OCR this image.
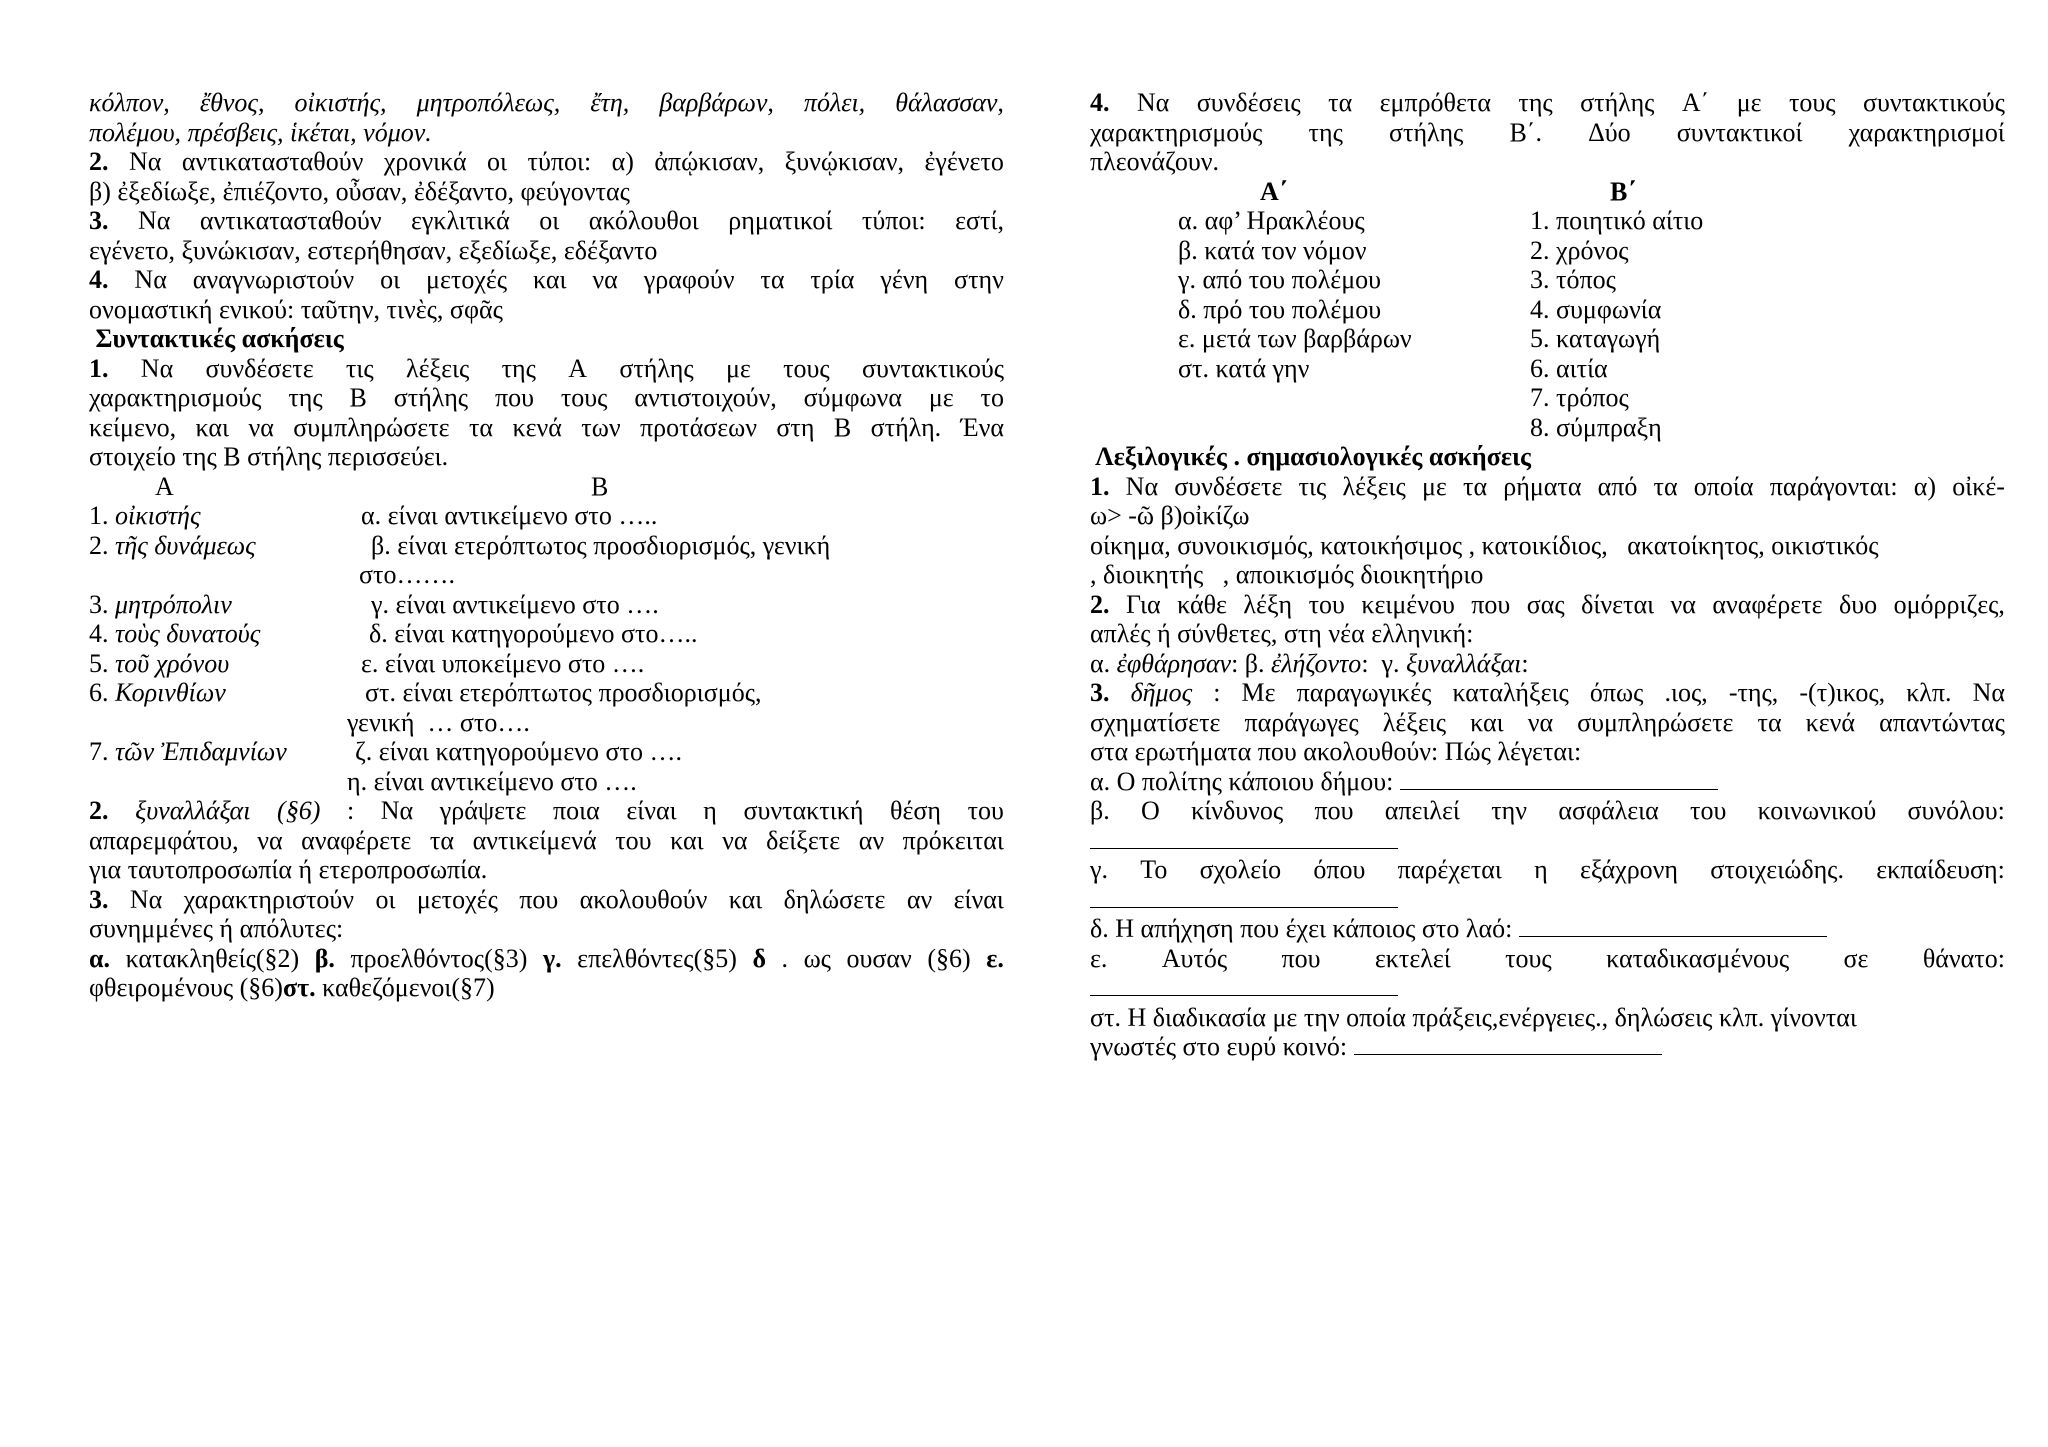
κόλπον, ἔθνος, οἰκιστής, μητροπόλεως, ἔτη, βαρβάρων, πόλει, θάλασσαν,
πολέμου, πρέσβεις, ἱκέται, νόμον.
2. Να αντικατασταθούν χρονικά οι τύποι: α) ἀπῴκισαν, ξυνῴκισαν, ἐγένετο
β) ἐξεδίωξε, ἐπιέζοντο, οὖσαν, ἐδέξαντο, φεύγοντας
3. Να αντικατασταθούν εγκλιτικά οι ακόλουθοι ρηματικοί τύποι: εστί,
εγένετο, ξυνώκισαν, εστερήθησαν, εξεδίωξε, εδέξαντο
4. Να αναγνωριστούν οι μετοχές και να γραφούν τα τρία γένη στην
ονομαστική ενικού: ταῦτην, τινὲς, σφᾶς
Συντακτικές ασκήσεις
1. Να συνδέσετε τις λέξεις της Α στήλης με τους συντακτικούς
χαρακτηρισμούς της Β στήλης που τους αντιστοιχούν, σύμφωνα με το
κείμενο, και να συμπληρώσετε τα κενά των προτάσεων στη Β στήλη. Ένα
στοιχείο της Β στήλης περισσεύει.
Α	Β
1. οἰκιστής	α. είναι αντικείμενο στο …..
2. τῆς δυνάμεως	β. είναι ετερόπτωτος προσδιορισμός, γενική
στο…….
3. μητρόπολιν	γ. είναι αντικείμενο στο ….
4. τοὺς δυνατούς	δ. είναι κατηγορούμενο στο…..
5. τοῦ χρόνου	ε. είναι υποκείμενο στο ….
6. Κορινθίων	στ. είναι ετερόπτωτος προσδιορισμός,
γενική  … στο….
7. τῶν Ἐπιδαμνίων	ζ. είναι κατηγορούμενο στο ….
η. είναι αντικείμενο στο ….
2. ξυναλλάξαι (§6) : Να γράψετε ποια είναι η συντακτική θέση του
απαρεμφάτου, να αναφέρετε τα αντικείμενά του και να δείξετε αν πρόκειται
για ταυτοπροσωπία ή ετεροπροσωπία.
3. Να χαρακτηριστούν οι μετοχές που ακολουθούν και δηλώσετε αν είναι
συνημμένες ή απόλυτες:
α. κατακληθείς(§2) β. προελθόντος(§3) γ. επελθόντες(§5) δ . ως ουσαν (§6) ε.
φθειρομένους (§6)στ. καθεζόμενοι(§7)
4. Να συνδέσεις τα εμπρόθετα της στήλης Α΄ με τους συντακτικούς
χαρακτηρισμούς της στήλης Β΄. Δύο συντακτικοί χαρακτηρισμοί
πλεονάζουν.
Α΄	Β΄
α. αφ’ Ηρακλέους	1. ποιητικό αίτιο
β. κατά τον νόμον	2. χρόνος
γ. από του πολέμου	3. τόπος
δ. πρό του πολέμου	4. συμφωνία
ε. μετά των βαρβάρων	5. καταγωγή
στ. κατά γην	6. αιτία
7. τρόπος
8. σύμπραξη
Λεξιλογικές . σημασιολογικές ασκήσεις
1. Να συνδέσετε τις λέξεις με τα ρήματα από τα οποία παράγονται: α) οἰκέ-
ω> -ῶ β)οἰκίζω
οίκημα, συνοικισμός, κατοικήσιμος , κατοικίδιος,   ακατοίκητος, οικιστικός
, διοικητής   , αποικισμός διοικητήριο
2. Για κάθε λέξη του κειμένου που σας δίνεται να αναφέρετε δυο ομόρριζες,
απλές ή σύνθετες, στη νέα ελληνική:
α. ἐφθάρησαν: β. ἐλήζοντο:  γ. ξυναλλάξαι:
3. δῆμος : Με παραγωγικές καταλήξεις όπως .ιος, -της, -(τ)ικος, κλπ. Να
σχηματίσετε παράγωγες λέξεις και να συμπληρώσετε τα κενά απαντώντας
στα ερωτήματα που ακολουθούν: Πώς λέγεται:
α. Ο πολίτης κάποιου δήμου:
β. Ο κίνδυνος που απειλεί την ασφάλεια του κοινωνικού συνόλου:
γ. Το σχολείο όπου παρέχεται η εξάχρονη στοιχειώδης. εκπαίδευση:
δ. Η απήχηση που έχει κάποιος στο λαό:
ε. Αυτός που εκτελεί τους καταδικασμένους σε θάνατο:
στ. Η διαδικασία με την οποία πράξεις,ενέργειες., δηλώσεις κλπ. γίνονται
γνωστές στο ευρύ κοινό:
